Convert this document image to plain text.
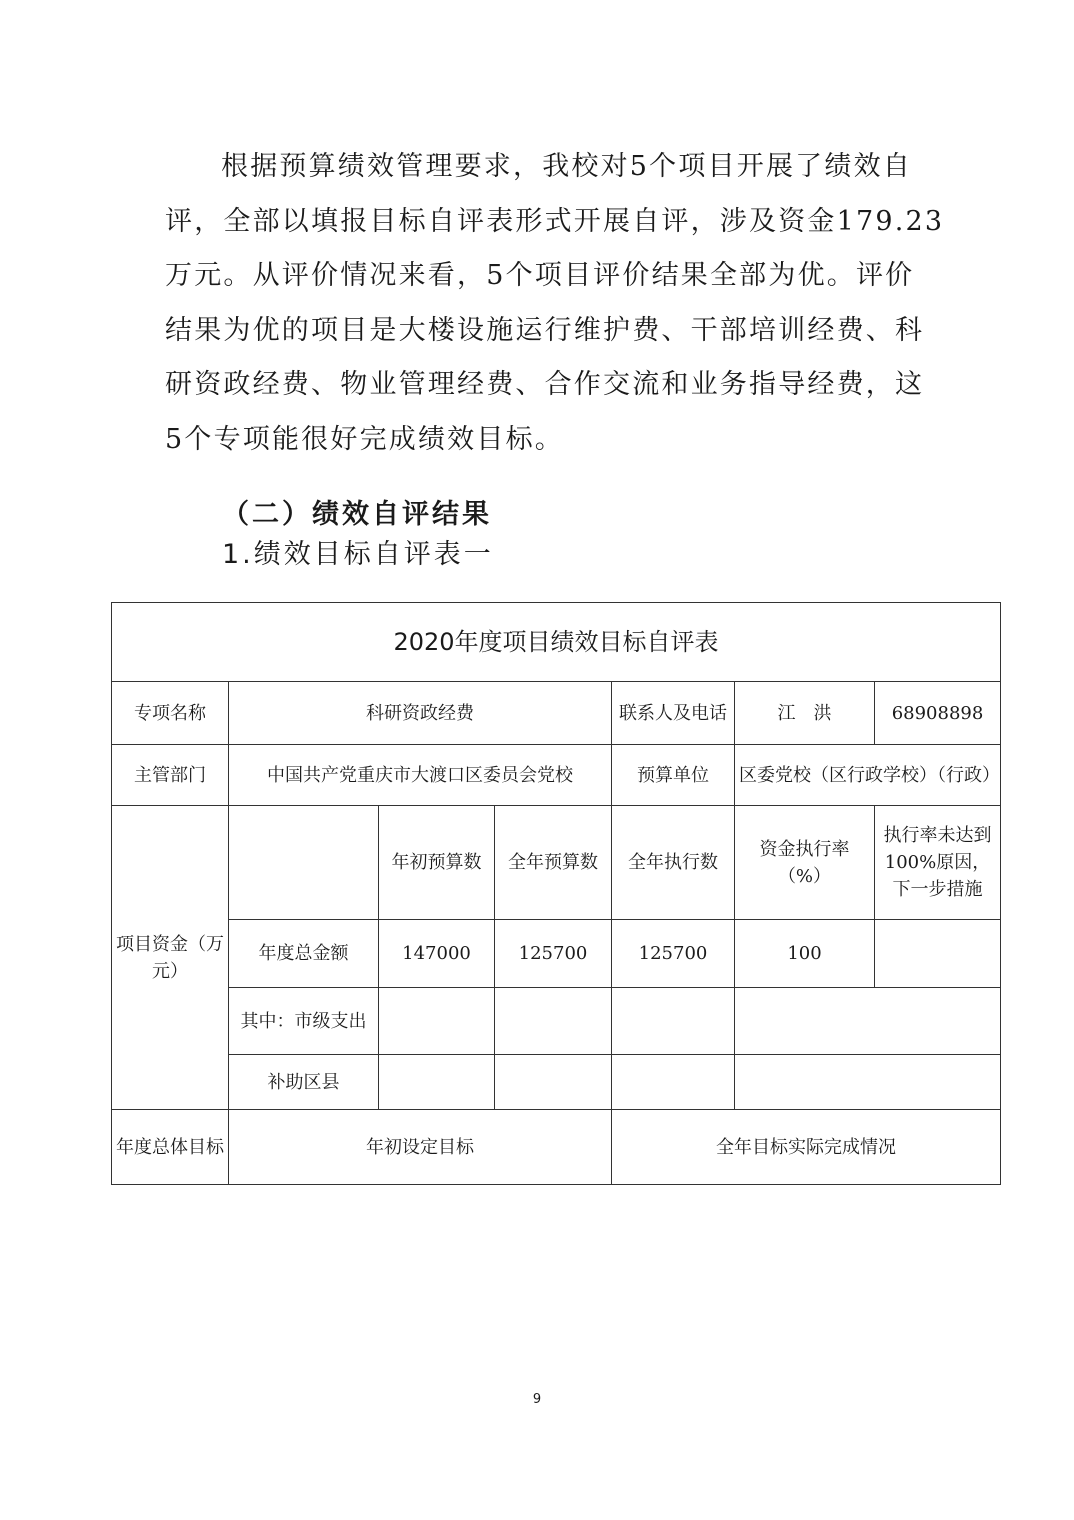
根据预算绩效管理要求，我校对5个项目开展了绩效自
评，全部以填报目标自评表形式开展自评，涉及资金179.23
万元。从评价情况来看，5个项目评价结果全部为优。评价
结果为优的项目是大楼设施运行维护费、干部培训经费、科
研资政经费、物业管理经费、合作交流和业务指导经费，这
5个专项能很好完成绩效目标。
（二）绩效自评结果
1.绩效目标自评表一
2020年度项目绩效目标自评表						
专项名称	科研资政经费			联系人及电话	江　洪	68908898
主管部门	中国共产党重庆市大渡口区委员会党校			预算单位	区委党校（区行政学校）（行政）	
项目资金（万元）		年初预算数	全年预算数	全年执行数	资金执行率（%）	执行率未达到100%原因，下一步措施
	年度总金额	147000	125700	125700	100	
	其中：市级支出					
	补助区县					
年度总体目标	年初设定目标			全年目标实际完成情况		
9
